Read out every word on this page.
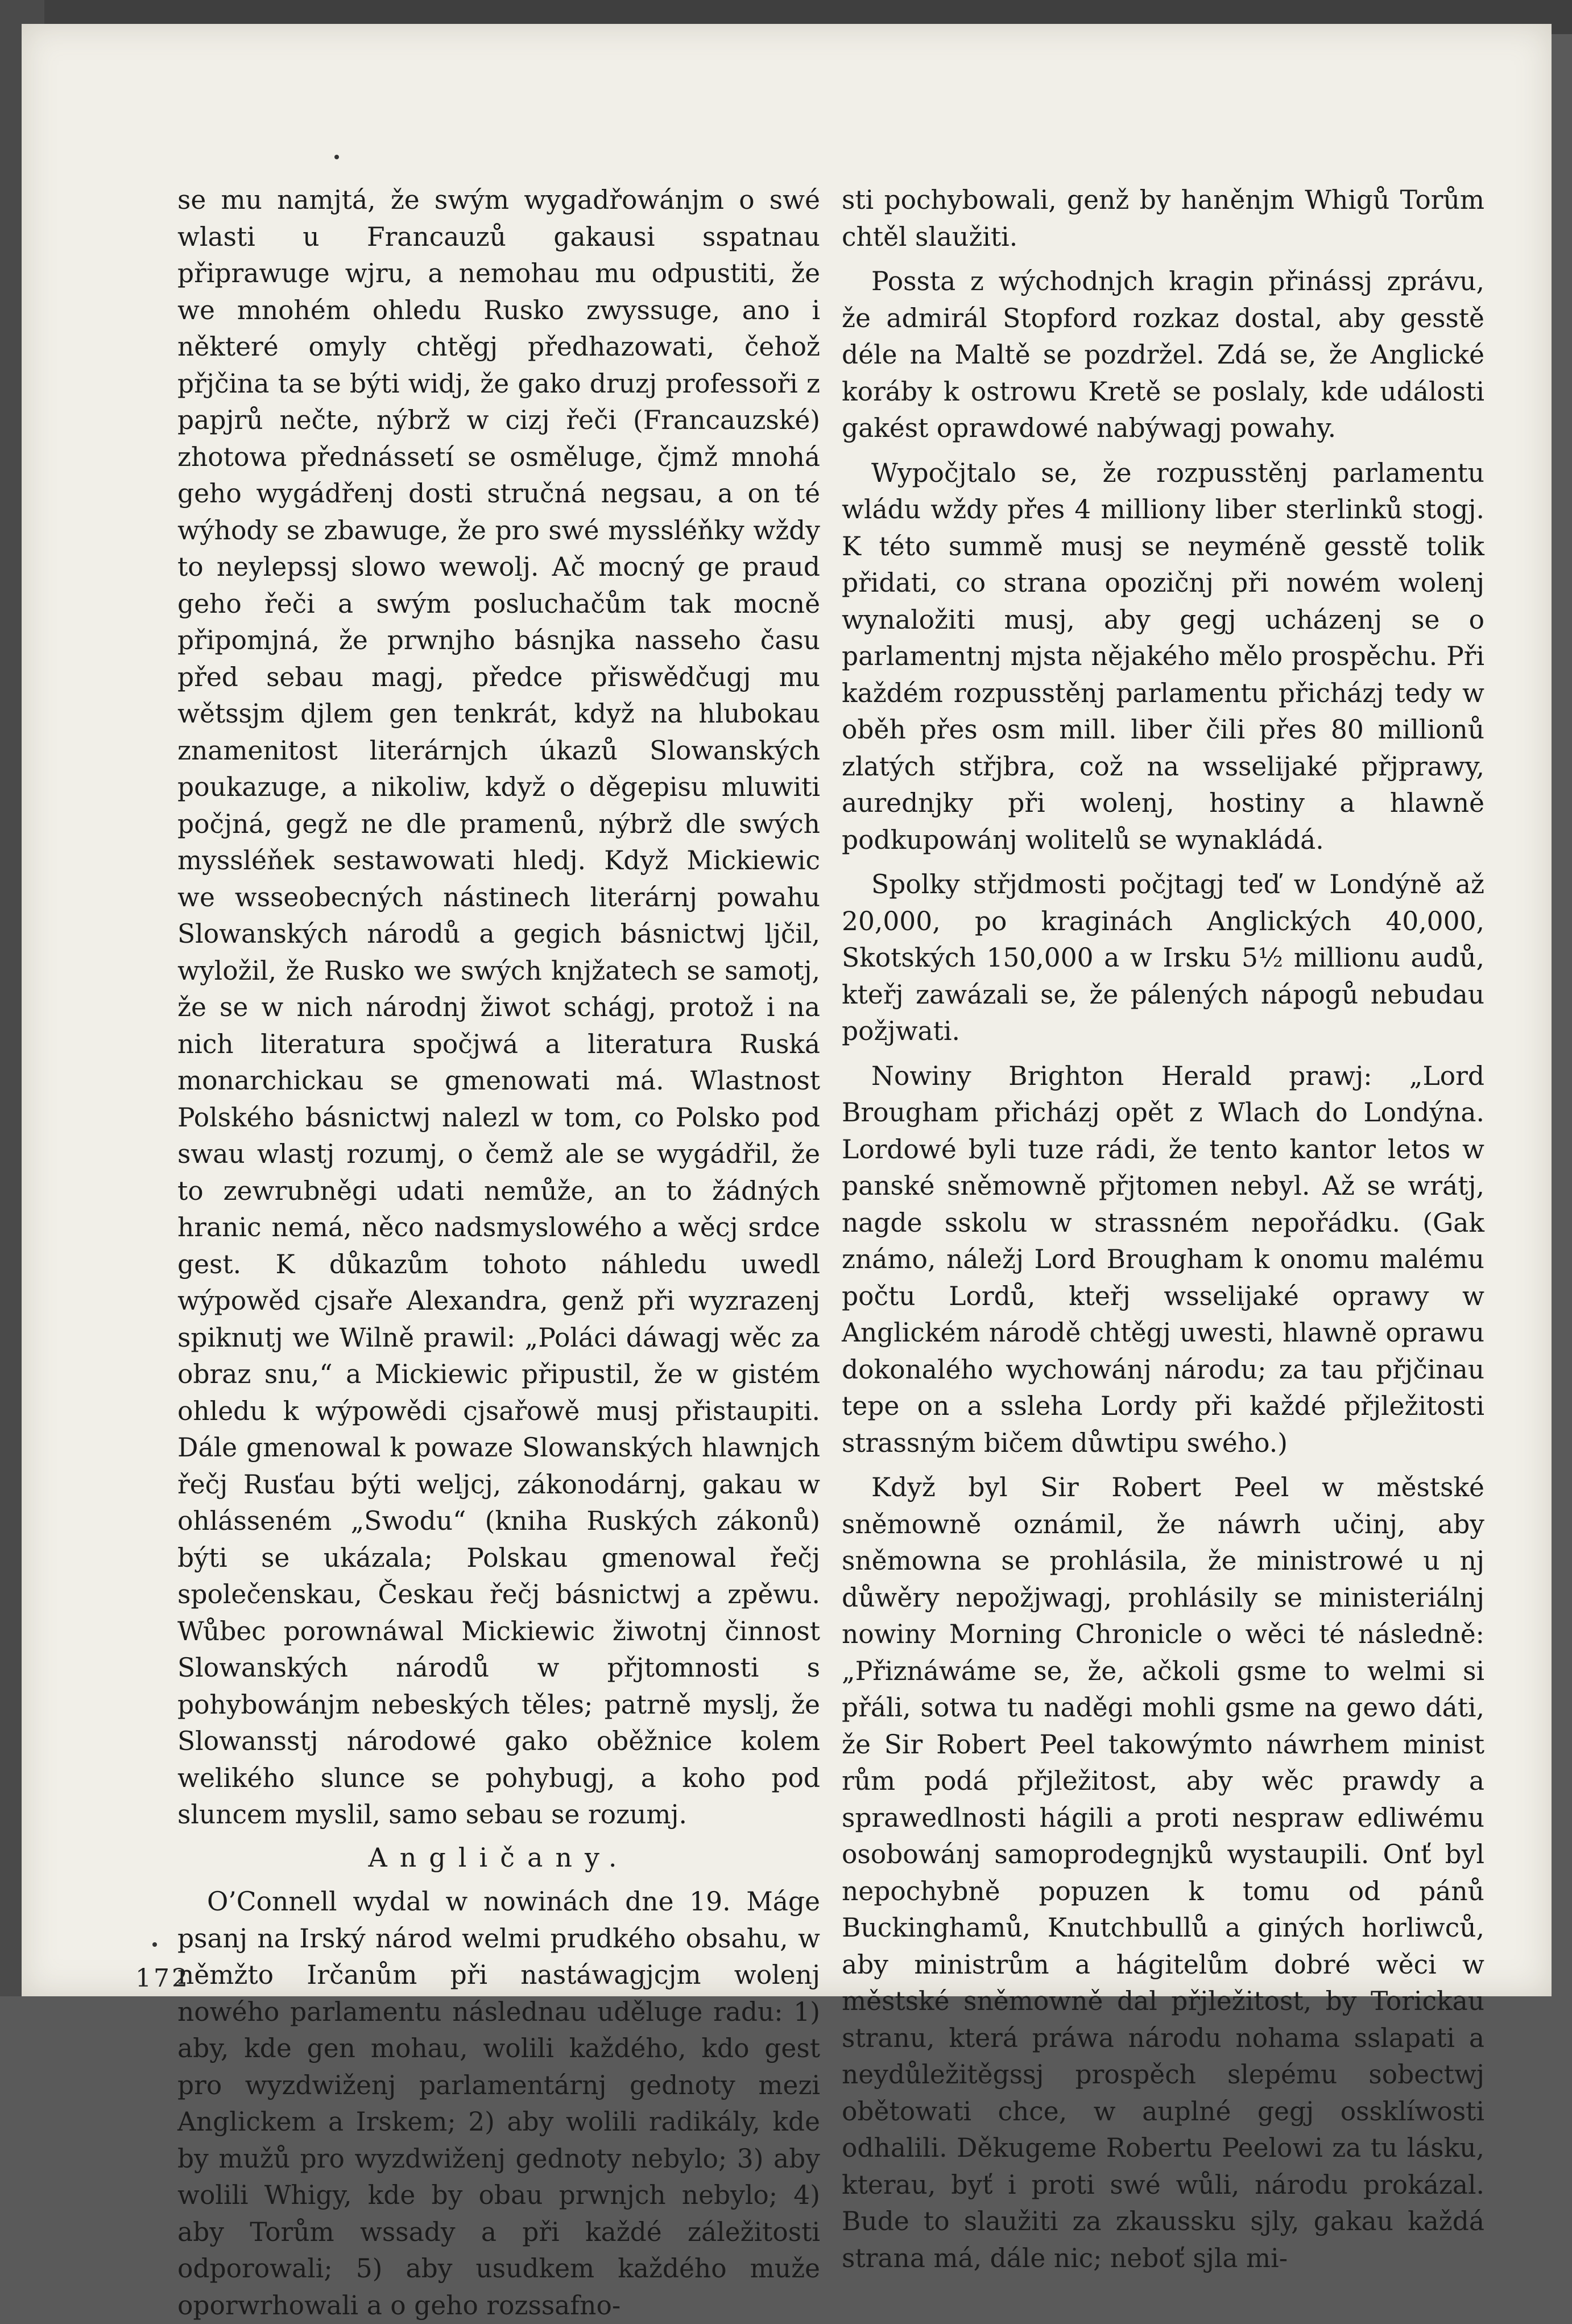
se mu namjtá, že swým wygadřowánjm o swé wlasti u Francauzů gakausi sspatnau připrawuge wjru, a nemohau mu odpustiti, že we mnohém ohledu Rusko zwyssuge, ano i některé omyly chtěgj předhazowati, čehož přjčina ta se býti widj, že gako druzj professoři z papjrů nečte, nýbrž w cizj řeči (Francauzské) zhotowa přednássetí se osměluge, čjmž mnohá geho wygádřenj dosti stručná negsau, a on té wýhody se zbawuge, že pro swé myssléňky wždy to neylepssj slowo wewolj. Ač mocný ge praud geho řeči a swým posluchačům tak mocně připomjná, že prwnjho básnjka nasseho času před sebau magj, předce přiswědčugj mu wětssjm djlem gen tenkrát, když na hlubokau znamenitost literárnjch úkazů Slowanských poukazuge, a nikoliw, když o děgepisu mluwiti počjná, gegž ne dle pramenů, nýbrž dle swých myssléňek sestawowati hledj. Když Mickiewic we wsseobecných nástinech literárnj powahu Slowanských národů a gegich básnictwj ljčil, wyložil, že Rusko we swých knjžatech se samotj, že se w nich národnj žiwot schágj, protož i na nich literatura spočjwá a literatura Ruská monarchickau se gmenowati má. Wlastnost Polského básnictwj nalezl w tom, co Polsko pod swau wlastj rozumj, o čemž ale se wygádřil, že to zewrubněgi udati nemůže, an to žádných hranic nemá, něco nadsmyslowého a wěcj srdce gest. K důkazům tohoto náhledu uwedl wýpowěd cjsaře Alexandra, genž při wyzrazenj spiknutj we Wilně prawil: „Poláci dáwagj wěc za obraz snu,“ a Mickiewic připustil, že w gistém ohledu k wýpowědi cjsařowě musj přistaupiti. Dále gmenowal k powaze Slowanských hlawnjch řečj Rusťau býti weljcj, zákonodárnj, gakau w ohlásseném „Swodu“ (kniha Ruských zákonů) býti se ukázala; Polskau gmenowal řečj společenskau, Českau řečj básnictwj a zpěwu. Wůbec porownáwal Mickiewic žiwotnj činnost Slowanských národů w přjtomnosti s pohybowánjm nebeských těles; patrně myslj, že Slowansstj národowé gako oběžnice kolem welikého slunce se pohybugj, a koho pod sluncem myslil, samo sebau se rozumj.

Angličany.

O’Connell wydal w nowinách dne 19. Máge psanj na Irský národ welmi prudkého obsahu, w němžto Irčanům při nastáwagjcjm wolenj nowého parlamentu následnau uděluge radu: 1) aby, kde gen mohau, wolili každého, kdo gest pro wyzdwiženj parlamentárnj gednoty mezi Anglickem a Irskem; 2) aby wolili radikály, kde by mužů pro wyzdwiženj gednoty nebylo; 3) aby wolili Whigy, kde by obau prwnjch nebylo; 4) aby Torům wssady a při každé záležitosti odporowali; 5) aby usudkem každého muže oporwrhowali a o geho rozssafno-

sti pochybowali, genž by haněnjm Whigů Torům chtěl slaužiti.

Possta z wýchodnjch kragin přinássj zprávu, že admirál Stopford rozkaz dostal, aby gesstě déle na Maltě se pozdržel. Zdá se, že Anglické koráby k ostrowu Kretě se poslaly, kde události gakést oprawdowé nabýwagj powahy.

Wypočjtalo se, že rozpusstěnj parlamentu wládu wždy přes 4 milliony liber sterlinků stogj. K této summě musj se neyméně gesstě tolik přidati, co strana opozičnj při nowém wolenj wynaložiti musj, aby gegj ucházenj se o parlamentnj mjsta nějakého mělo prospěchu. Při každém rozpusstěnj parlamentu přicházj tedy w oběh přes osm mill. liber čili přes 80 millionů zlatých střjbra, což na wsselijaké přjprawy, aurednjky při wolenj, hostiny a hlawně podkupowánj wolitelů se wynakládá.

Spolky střjdmosti počjtagj teď w Londýně až 20,000, po kraginách Anglických 40,000, Skotských 150,000 a w Irsku 5½ millionu audů, kteřj zawázali se, že pálených nápogů nebudau požjwati.

Nowiny Brighton Herald prawj: „Lord Brougham přicházj opět z Wlach do Londýna. Lordowé byli tuze rádi, že tento kantor letos w panské sněmowně přjtomen nebyl. Až se wrátj, nagde sskolu w strassném nepořádku. (Gak známo, náležj Lord Brougham k onomu malému počtu Lordů, kteřj wsselijaké oprawy w Anglickém národě chtěgj uwesti, hlawně oprawu dokonalého wychowánj národu; za tau přjčinau tepe on a ssleha Lordy při každé přjležitosti strassným bičem důwtipu swého.)

Když byl Sir Robert Peel w městské sněmowně oznámil, že náwrh učinj, aby sněmowna se prohlásila, že ministrowé u nj důwěry nepožjwagj, prohlásily se ministeriálnj nowiny Morning Chronicle o wěci té následně: „Přiznáwáme se, že, ačkoli gsme to welmi si přáli, sotwa tu naděgi mohli gsme na gewo dáti, že Sir Robert Peel takowýmto náwrhem minist rům podá přjležitost, aby wěc prawdy a sprawedlnosti hágili a proti nespraw edliwému osobowánj samoprodegnjků wystaupili. Onť byl nepochybně popuzen k tomu od pánů Buckinghamů, Knutchbullů a giných horliwců, aby ministrům a hágitelům dobré wěci w městské sněmowně dal přjležitost, by Torickau stranu, která práwa národu nohama sslapati a neydůležitěgssj prospěch slepému sobectwj obětowati chce, w auplné gegj ossklíwosti odhalili. Děkugeme Robertu Peelowi za tu lásku, kterau, byť i proti swé wůli, národu prokázal. Bude to slaužiti za zkaussku sjly, gakau každá strana má, dále nic; neboť sjla mi-

172
